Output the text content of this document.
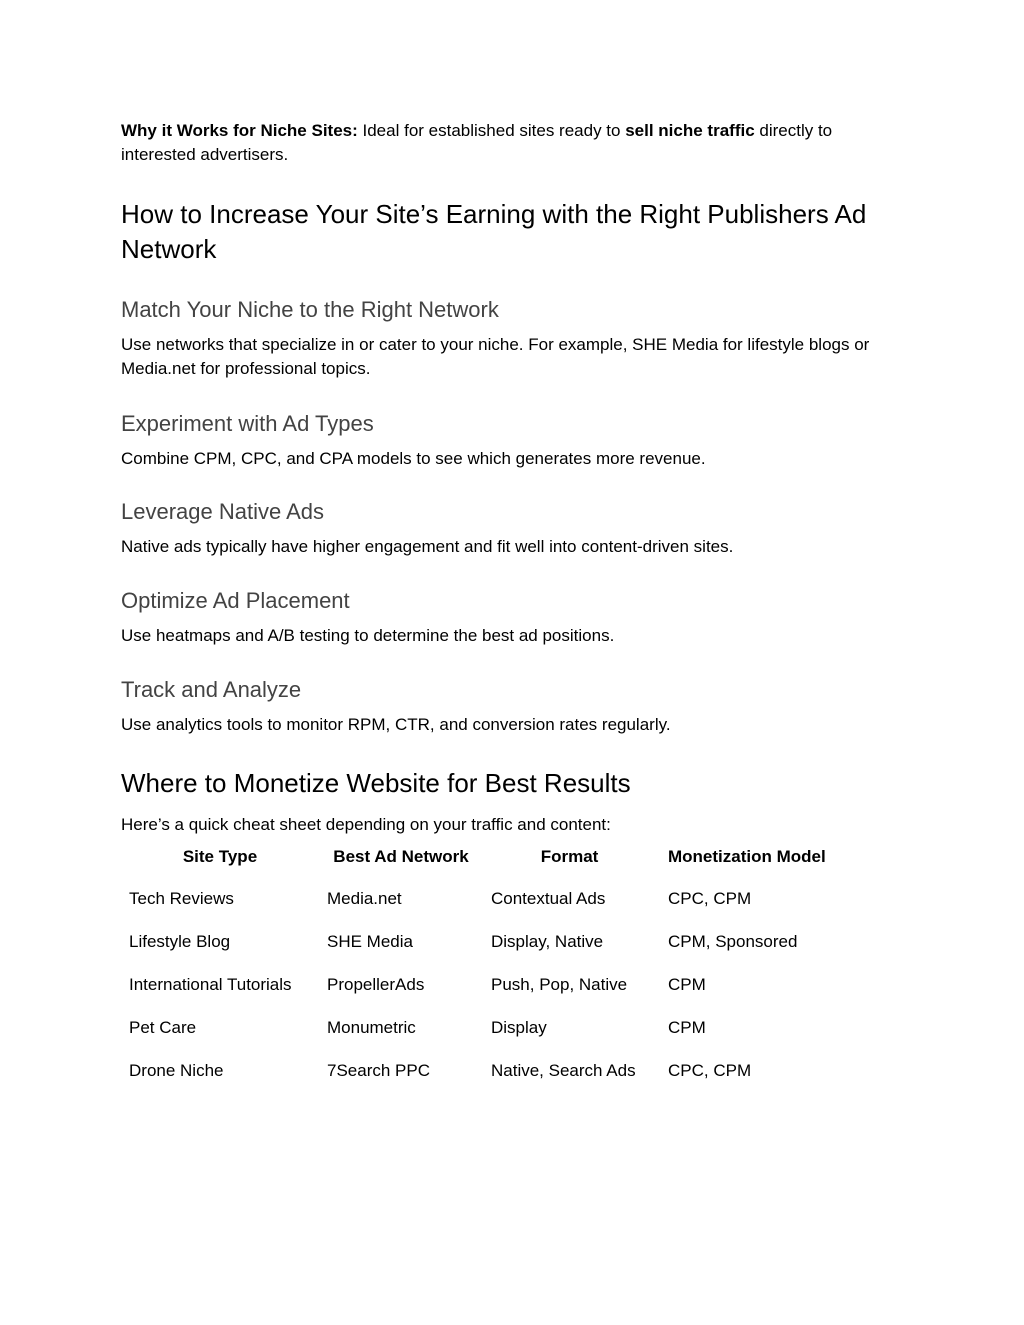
Why it Works for Niche Sites: Ideal for established sites ready to sell niche traffic directly to interested advertisers.

How to Increase Your Site’s Earning with the Right Publishers Ad Network
Match Your Niche to the Right Network

Use networks that specialize in or cater to your niche. For example, SHE Media for lifestyle blogs or Media.net for professional topics.

Experiment with Ad Types

Combine CPM, CPC, and CPA models to see which generates more revenue.

Leverage Native Ads

Native ads typically have higher engagement and fit well into content-driven sites.

Optimize Ad Placement

Use heatmaps and A/B testing to determine the best ad positions.

Track and Analyze

Use analytics tools to monitor RPM, CTR, and conversion rates regularly.

Where to Monetize Website for Best Results

Here’s a quick cheat sheet depending on your traffic and content:

Site Type	Best Ad Network	Format	Monetization Model
Tech Reviews	Media.net	Contextual Ads	CPC, CPM
Lifestyle Blog	SHE Media	Display, Native	CPM, Sponsored
International Tutorials	PropellerAds	Push, Pop, Native	CPM
Pet Care	Monumetric	Display	CPM
Drone Niche	7Search PPC	Native, Search Ads	CPC, CPM
